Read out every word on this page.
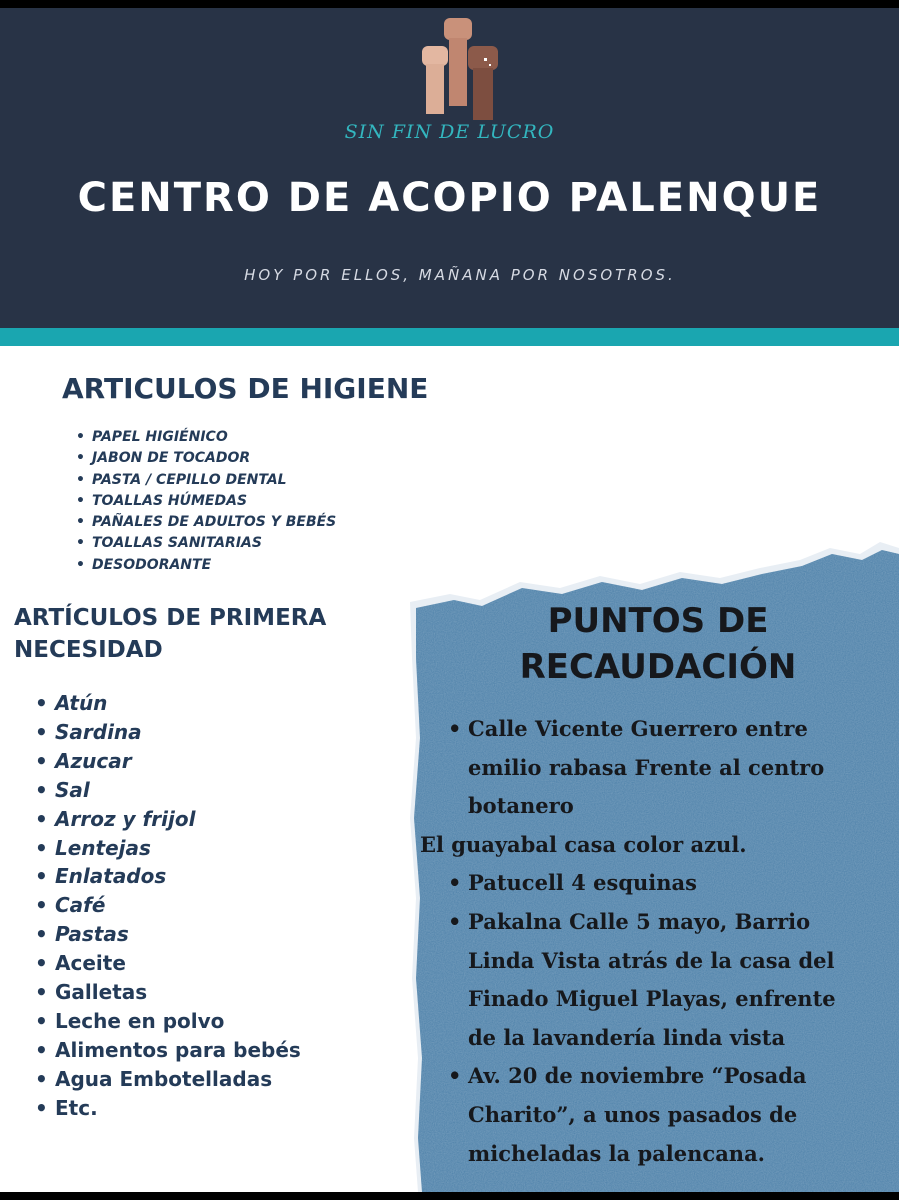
SIN FIN DE LUCRO
CENTRO DE ACOPIO PALENQUE
HOY POR ELLOS, MAÑANA POR NOSOTROS.
ARTICULOS DE HIGIENE
• PAPEL HIGIÉNICO
• JABON DE TOCADOR
• PASTA / CEPILLO DENTAL
• TOALLAS HÚMEDAS
• PAÑALES DE ADULTOS Y BEBÉS
• TOALLAS SANITARIAS
• DESODORANTE
ARTÍCULOS DE PRIMERA
NECESIDAD
• Atún
• Sardina
• Azucar
• Sal
• Arroz y frijol
• Lentejas
• Enlatados
• Café
• Pastas
• Aceite
• Galletas
• Leche en polvo
• Alimentos para bebés
• Agua Embotelladas
• Etc.
PUNTOS DE
RECAUDACIÓN
• Calle Vicente Guerrero entre
emilio rabasa Frente al centro
botanero
El guayabal casa color azul.
• Patucell 4 esquinas
• Pakalna Calle 5 mayo, Barrio
Linda Vista atrás de la casa del
Finado Miguel Playas, enfrente
de la lavandería linda vista
• Av. 20 de noviembre “Posada
Charito”, a unos pasados de
micheladas la palencana.
